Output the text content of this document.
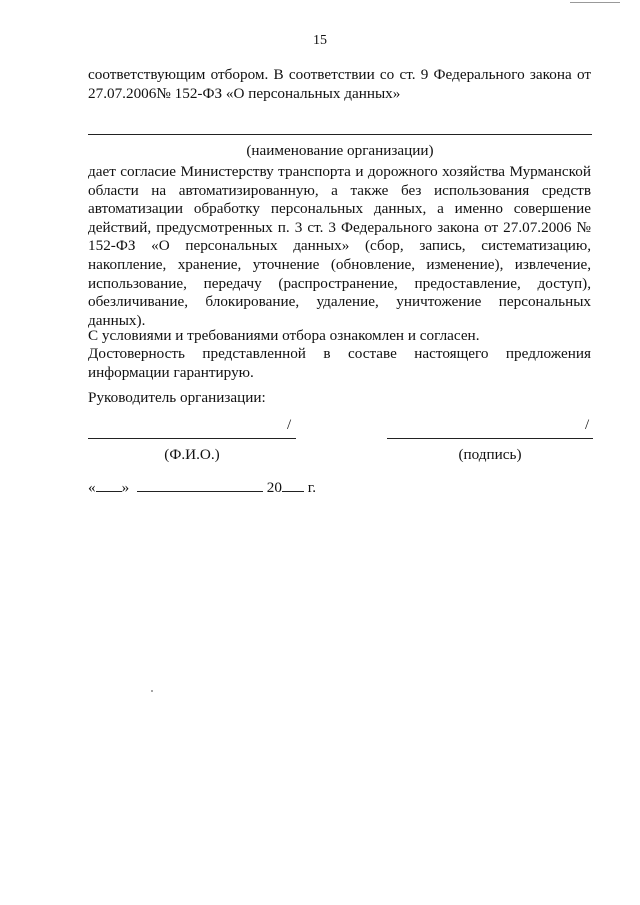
15
соответствующим отбором. В соответствии со ст. 9 Федерального закона от
27.07.2006№ 152-ФЗ «О персональных данных»
(наименование организации)
дает согласие Министерству транспорта и дорожного хозяйства Мурманской
области на автоматизированную, а также без использования средств
автоматизации обработку персональных данных, а именно совершение
действий, предусмотренных п. 3 ст. 3 Федерального закона от 27.07.2006 №
152-ФЗ «О персональных данных» (сбор, запись, систематизацию,
накопление, хранение, уточнение (обновление, изменение), извлечение,
использование, передачу (распространение, предоставление, доступ),
обезличивание, блокирование, удаление, уничтожение персональных
данных).
С условиями и требованиями отбора ознакомлен и согласен.
Достоверность представленной в составе настоящего предложения
информации гарантирую.
Руководитель организации:
/
(Ф.И.О.)
/
(подпись)
« »	20 г.
